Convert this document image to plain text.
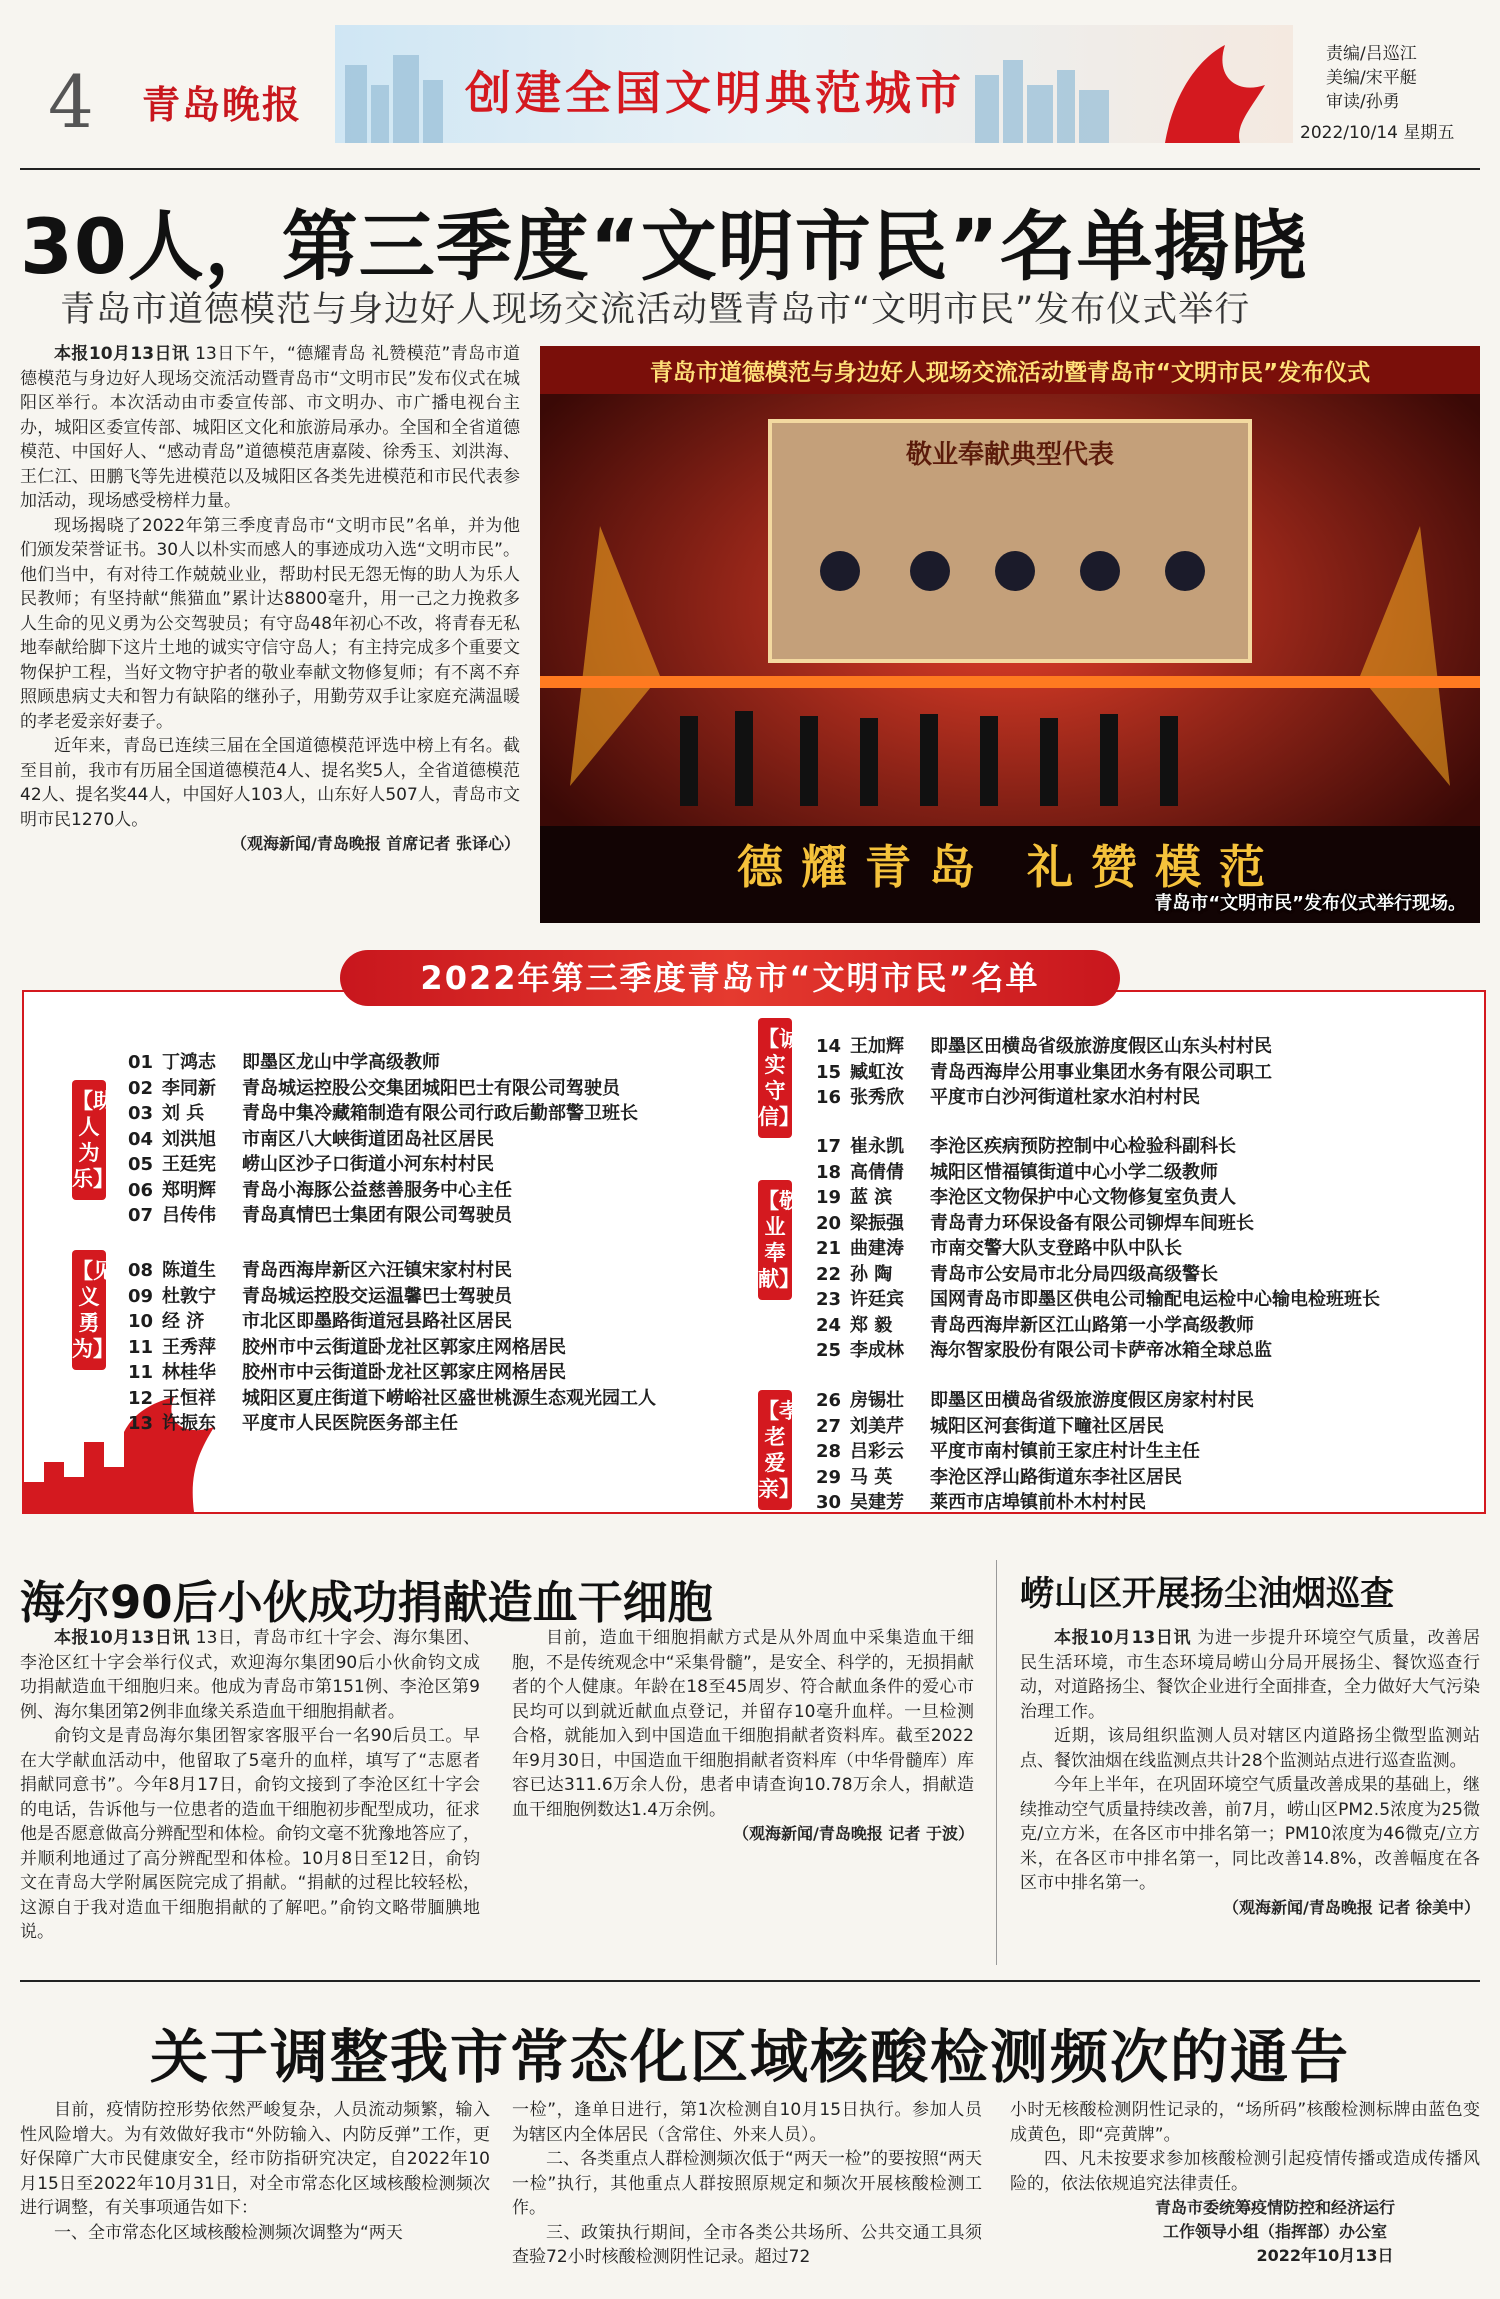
4 青岛晚报	创建全国文明典范城市
责编/吕巡江
美编/宋平艇
审读/孙勇
2022/10/14 星期五
30人，第三季度“文明市民”名单揭晓
青岛市道德模范与身边好人现场交流活动暨青岛市“文明市民”发布仪式举行

本报10月13日讯 13日下午，“德耀青岛 礼赞模范”青岛市道德模范与身边好人现场交流活动暨青岛市“文明市民”发布仪式在城阳区举行。本次活动由市委宣传部、市文明办、市广播电视台主办，城阳区委宣传部、城阳区文化和旅游局承办。全国和全省道德模范、中国好人、“感动青岛”道德模范唐嘉陵、徐秀玉、刘洪海、王仁江、田鹏飞等先进模范以及城阳区各类先进模范和市民代表参加活动，现场感受榜样力量。

现场揭晓了2022年第三季度青岛市“文明市民”名单，并为他们颁发荣誉证书。30人以朴实而感人的事迹成功入选“文明市民”。他们当中，有对待工作兢兢业业，帮助村民无怨无悔的助人为乐人民教师；有坚持献“熊猫血”累计达8800毫升，用一己之力挽救多人生命的见义勇为公交驾驶员；有守岛48年初心不改，将青春无私地奉献给脚下这片土地的诚实守信守岛人；有主持完成多个重要文物保护工程，当好文物守护者的敬业奉献文物修复师；有不离不弃照顾患病丈夫和智力有缺陷的继孙子，用勤劳双手让家庭充满温暖的孝老爱亲好妻子。

近年来，青岛已连续三届在全国道德模范评选中榜上有名。截至目前，我市有历届全国道德模范4人、提名奖5人，全省道德模范42人、提名奖44人，中国好人103人，山东好人507人，青岛市文明市民1270人。

（观海新闻/青岛晚报 首席记者 张译心）
青岛市道德模范与身边好人现场交流活动暨青岛市“文明市民”发布仪式
敬业奉献典型代表
德耀青岛 礼赞模范
青岛市“文明市民”发布仪式举行现场。
2022年第三季度青岛市“文明市民”名单
【助人为乐】
【见义勇为】
【诚实守信】
【敬业奉献】
【孝老爱亲】
01 丁鸿志 即墨区龙山中学高级教师
02 李同新 青岛城运控股公交集团城阳巴士有限公司驾驶员
03 刘 兵 青岛中集冷藏箱制造有限公司行政后勤部警卫班长
04 刘洪旭 市南区八大峡街道团岛社区居民
05 王廷宪 崂山区沙子口街道小河东村村民
06 郑明辉 青岛小海豚公益慈善服务中心主任
07 吕传伟 青岛真情巴士集团有限公司驾驶员
08 陈道生 青岛西海岸新区六汪镇宋家村村民
09 杜敦宁 青岛城运控股交运温馨巴士驾驶员
10 经 济 市北区即墨路街道冠县路社区居民
11 王秀萍 胶州市中云街道卧龙社区郭家庄网格居民
11 林桂华 胶州市中云街道卧龙社区郭家庄网格居民
12 王恒祥 城阳区夏庄街道下崂峪社区盛世桃源生态观光园工人
13 许振东 平度市人民医院医务部主任
14 王加辉 即墨区田横岛省级旅游度假区山东头村村民
15 臧虹汝 青岛西海岸公用事业集团水务有限公司职工
16 张秀欣 平度市白沙河街道杜家水泊村村民
17 崔永凯 李沧区疾病预防控制中心检验科副科长
18 高倩倩 城阳区惜福镇街道中心小学二级教师
19 蓝 滨 李沧区文物保护中心文物修复室负责人
20 梁振强 青岛青力环保设备有限公司铆焊车间班长
21 曲建涛 市南交警大队支登路中队中队长
22 孙 陶 青岛市公安局市北分局四级高级警长
23 许廷宾 国网青岛市即墨区供电公司输配电运检中心输电检班班长
24 郑 毅 青岛西海岸新区江山路第一小学高级教师
25 李成林 海尔智家股份有限公司卡萨帝冰箱全球总监
26 房锡壮 即墨区田横岛省级旅游度假区房家村村民
27 刘美芹 城阳区河套街道下疃社区居民
28 吕彩云 平度市南村镇前王家庄村计生主任
29 马 英 李沧区浮山路街道东李社区居民
30 吴建芳 莱西市店埠镇前朴木村村民
海尔90后小伙成功捐献造血干细胞

本报10月13日讯 13日，青岛市红十字会、海尔集团、李沧区红十字会举行仪式，欢迎海尔集团90后小伙俞钧文成功捐献造血干细胞归来。他成为青岛市第151例、李沧区第9例、海尔集团第2例非血缘关系造血干细胞捐献者。

俞钧文是青岛海尔集团智家客服平台一名90后员工。早在大学献血活动中，他留取了5毫升的血样，填写了“志愿者捐献同意书”。今年8月17日，俞钧文接到了李沧区红十字会的电话，告诉他与一位患者的造血干细胞初步配型成功，征求他是否愿意做高分辨配型和体检。俞钧文毫不犹豫地答应了，并顺利地通过了高分辨配型和体检。10月8日至12日，俞钧文在青岛大学附属医院完成了捐献。“捐献的过程比较轻松，这源自于我对造血干细胞捐献的了解吧。”俞钧文略带腼腆地说。

目前，造血干细胞捐献方式是从外周血中采集造血干细胞，不是传统观念中“采集骨髓”，是安全、科学的，无损捐献者的个人健康。年龄在18至45周岁、符合献血条件的爱心市民均可以到就近献血点登记，并留存10毫升血样。一旦检测合格，就能加入到中国造血干细胞捐献者资料库。截至2022年9月30日，中国造血干细胞捐献者资料库（中华骨髓库）库容已达311.6万余人份，患者申请查询10.78万余人，捐献造血干细胞例数达1.4万余例。

（观海新闻/青岛晚报 记者 于波）
崂山区开展扬尘油烟巡查

本报10月13日讯 为进一步提升环境空气质量，改善居民生活环境，市生态环境局崂山分局开展扬尘、餐饮巡查行动，对道路扬尘、餐饮企业进行全面排查，全力做好大气污染治理工作。

近期，该局组织监测人员对辖区内道路扬尘微型监测站点、餐饮油烟在线监测点共计28个监测站点进行巡查监测。

今年上半年，在巩固环境空气质量改善成果的基础上，继续推动空气质量持续改善，前7月，崂山区PM2.5浓度为25微克/立方米，在各区市中排名第一；PM10浓度为46微克/立方米，在各区市中排名第一，同比改善14.8%，改善幅度在各区市中排名第一。

（观海新闻/青岛晚报 记者 徐美中）
关于调整我市常态化区域核酸检测频次的通告

目前，疫情防控形势依然严峻复杂，人员流动频繁，输入性风险增大。为有效做好我市“外防输入、内防反弹”工作，更好保障广大市民健康安全，经市防指研究决定，自2022年10月15日至2022年10月31日，对全市常态化区域核酸检测频次进行调整，有关事项通告如下：

一、全市常态化区域核酸检测频次调整为“两天

一检”，逢单日进行，第1次检测自10月15日执行。参加人员为辖区内全体居民（含常住、外来人员）。

二、各类重点人群检测频次低于“两天一检”的要按照“两天一检”执行，其他重点人群按照原规定和频次开展核酸检测工作。

三、政策执行期间，全市各类公共场所、公共交通工具须查验72小时核酸检测阴性记录。超过72

小时无核酸检测阴性记录的，“场所码”核酸检测标牌由蓝色变成黄色，即“亮黄牌”。

四、凡未按要求参加核酸检测引起疫情传播或造成传播风险的，依法依规追究法律责任。

青岛市委统筹疫情防控和经济运行
工作领导小组（指挥部）办公室
2022年10月13日
